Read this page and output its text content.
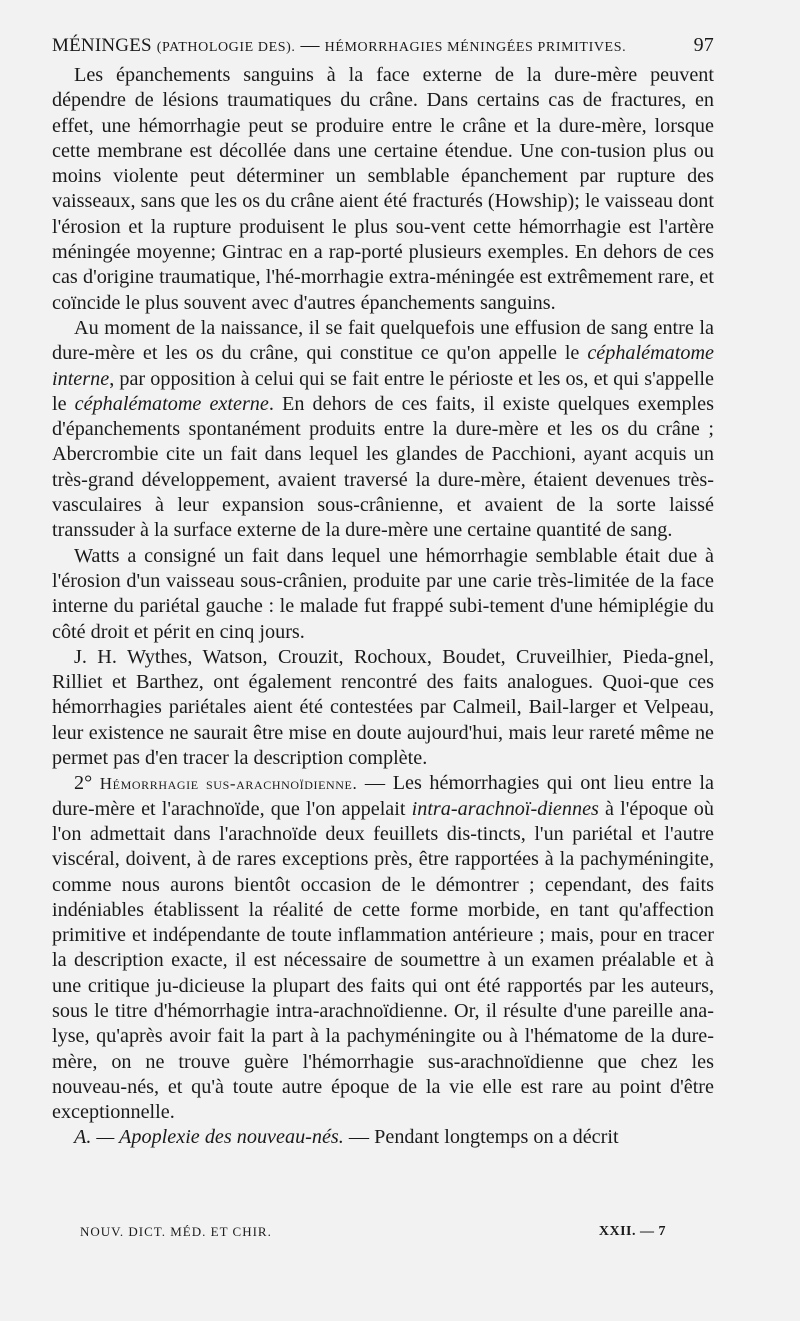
MÉNINGES (PATHOLOGIE DES). — HÉMORRHAGIES MÉNINGÉES PRIMITIVES.	97

Les épanchements sanguins à la face externe de la dure-mère peuvent dépendre de lésions traumatiques du crâne. Dans certains cas de fractures, en effet, une hémorrhagie peut se produire entre le crâne et la dure-mère, lorsque cette membrane est décollée dans une certaine étendue. Une con-tusion plus ou moins violente peut déterminer un semblable épanchement par rupture des vaisseaux, sans que les os du crâne aient été fracturés (Howship); le vaisseau dont l'érosion et la rupture produisent le plus sou-vent cette hémorrhagie est l'artère méningée moyenne; Gintrac en a rap-porté plusieurs exemples. En dehors de ces cas d'origine traumatique, l'hé-morrhagie extra-méningée est extrêmement rare, et coïncide le plus souvent avec d'autres épanchements sanguins.

Au moment de la naissance, il se fait quelquefois une effusion de sang entre la dure-mère et les os du crâne, qui constitue ce qu'on appelle le céphalématome interne, par opposition à celui qui se fait entre le périoste et les os, et qui s'appelle le céphalématome externe. En dehors de ces faits, il existe quelques exemples d'épanchements spontanément produits entre la dure-mère et les os du crâne ; Abercrombie cite un fait dans lequel les glandes de Pacchioni, ayant acquis un très-grand développement, avaient traversé la dure-mère, étaient devenues très-vasculaires à leur expansion sous-crânienne, et avaient de la sorte laissé transsuder à la surface externe de la dure-mère une certaine quantité de sang.

Watts a consigné un fait dans lequel une hémorrhagie semblable était due à l'érosion d'un vaisseau sous-crânien, produite par une carie très-limitée de la face interne du pariétal gauche : le malade fut frappé subi-tement d'une hémiplégie du côté droit et périt en cinq jours.

J. H. Wythes, Watson, Crouzit, Rochoux, Boudet, Cruveilhier, Pieda-gnel, Rilliet et Barthez, ont également rencontré des faits analogues. Quoi-que ces hémorrhagies pariétales aient été contestées par Calmeil, Bail-larger et Velpeau, leur existence ne saurait être mise en doute aujourd'hui, mais leur rareté même ne permet pas d'en tracer la description complète.

2° Hémorrhagie sus-arachnoïdienne. — Les hémorrhagies qui ont lieu entre la dure-mère et l'arachnoïde, que l'on appelait intra-arachnoï-diennes à l'époque où l'on admettait dans l'arachnoïde deux feuillets dis-tincts, l'un pariétal et l'autre viscéral, doivent, à de rares exceptions près, être rapportées à la pachyméningite, comme nous aurons bientôt occasion de le démontrer ; cependant, des faits indéniables établissent la réalité de cette forme morbide, en tant qu'affection primitive et indépendante de toute inflammation antérieure ; mais, pour en tracer la description exacte, il est nécessaire de soumettre à un examen préalable et à une critique ju-dicieuse la plupart des faits qui ont été rapportés par les auteurs, sous le titre d'hémorrhagie intra-arachnoïdienne. Or, il résulte d'une pareille ana-lyse, qu'après avoir fait la part à la pachyméningite ou à l'hématome de la dure-mère, on ne trouve guère l'hémorrhagie sus-arachnoïdienne que chez les nouveau-nés, et qu'à toute autre époque de la vie elle est rare au point d'être exceptionnelle.

A. — Apoplexie des nouveau-nés. — Pendant longtemps on a décrit

NOUV. DICT. MÉD. ET CHIR.	XXII. — 7
